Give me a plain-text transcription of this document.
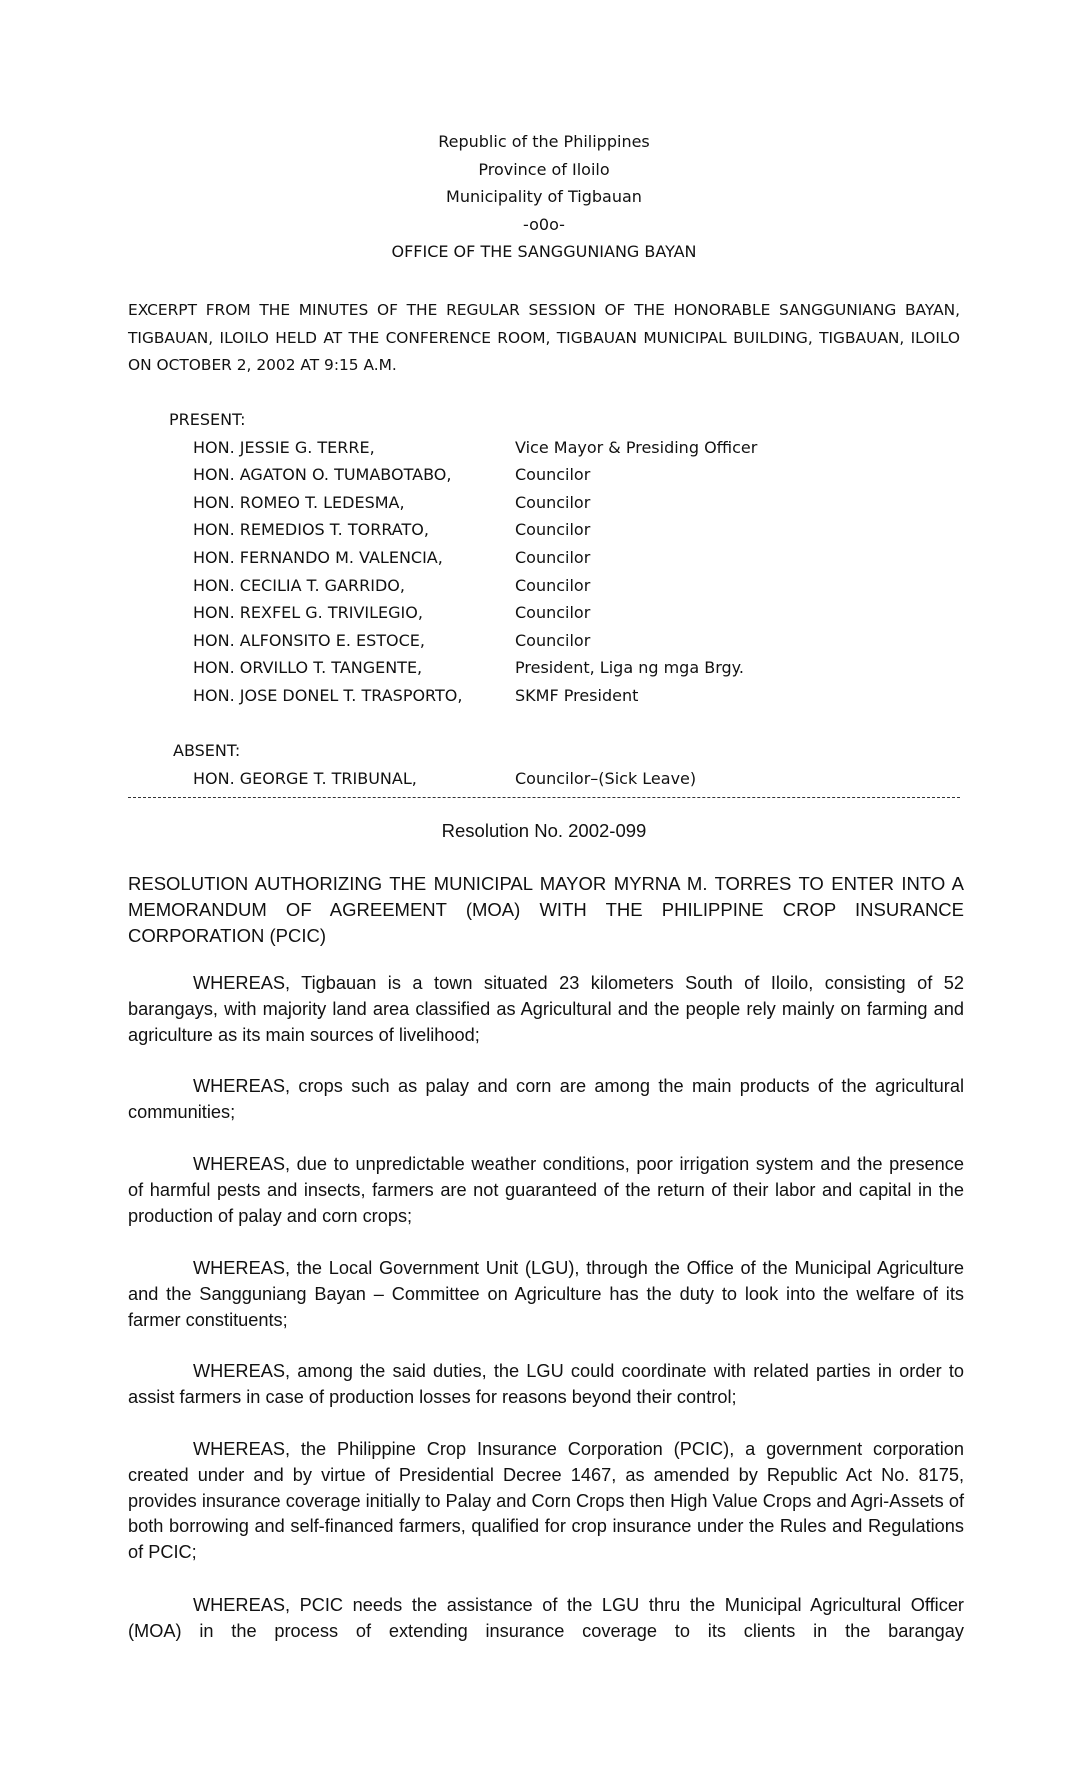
Republic of the Philippines
Province of Iloilo
Municipality of Tigbauan
-o0o-
OFFICE OF THE SANGGUNIANG BAYAN
EXCERPT FROM THE MINUTES OF THE REGULAR SESSION OF THE HONORABLE SANGGUNIANG BAYAN, TIGBAUAN, ILOILO HELD AT THE CONFERENCE ROOM, TIGBAUAN MUNICIPAL BUILDING, TIGBAUAN, ILOILO ON OCTOBER 2, 2002 AT 9:15 A.M.
PRESENT:
HON. JESSIE G. TERRE,	Vice Mayor & Presiding Officer
HON. AGATON O. TUMABOTABO,	Councilor
HON. ROMEO T. LEDESMA,	Councilor
HON. REMEDIOS T. TORRATO,	Councilor
HON. FERNANDO M. VALENCIA,	Councilor
HON. CECILIA T. GARRIDO,	Councilor
HON. REXFEL G. TRIVILEGIO,	Councilor
HON. ALFONSITO E. ESTOCE,	Councilor
HON. ORVILLO T. TANGENTE,	President, Liga ng mga Brgy.
HON. JOSE DONEL T. TRASPORTO,	SKMF President
ABSENT:
HON. GEORGE T. TRIBUNAL,	Councilor–(Sick Leave)
Resolution No. 2002-099
RESOLUTION AUTHORIZING THE MUNICIPAL MAYOR MYRNA M. TORRES TO ENTER INTO A MEMORANDUM OF AGREEMENT (MOA) WITH THE PHILIPPINE CROP INSURANCE CORPORATION (PCIC)

WHEREAS, Tigbauan is a town situated 23 kilometers South of Iloilo, consisting of 52 barangays, with majority land area classified as Agricultural and the people rely mainly on farming and agriculture as its main sources of livelihood;

WHEREAS, crops such as palay and corn are among the main products of the agricultural communities;

WHEREAS, due to unpredictable weather conditions, poor irrigation system and the presence of harmful pests and insects, farmers are not guaranteed of the return of their labor and capital in the production of palay and corn crops;

WHEREAS, the Local Government Unit (LGU), through the Office of the Municipal Agriculture and the Sangguniang Bayan – Committee on Agriculture has the duty to look into the welfare of its farmer constituents;

WHEREAS, among the said duties, the LGU could coordinate with related parties in order to assist farmers in case of production losses for reasons beyond their control;

WHEREAS, the Philippine Crop Insurance Corporation (PCIC), a government corporation created under and by virtue of Presidential Decree 1467, as amended by Republic Act No. 8175, provides insurance coverage initially to Palay and Corn Crops then High Value Crops and Agri-Assets of both borrowing and self-financed farmers, qualified for crop insurance under the Rules and Regulations of PCIC;

WHEREAS, PCIC needs the assistance of the LGU thru the Municipal Agricultural Officer (MOA) in the process of extending insurance coverage to its clients in the barangay
